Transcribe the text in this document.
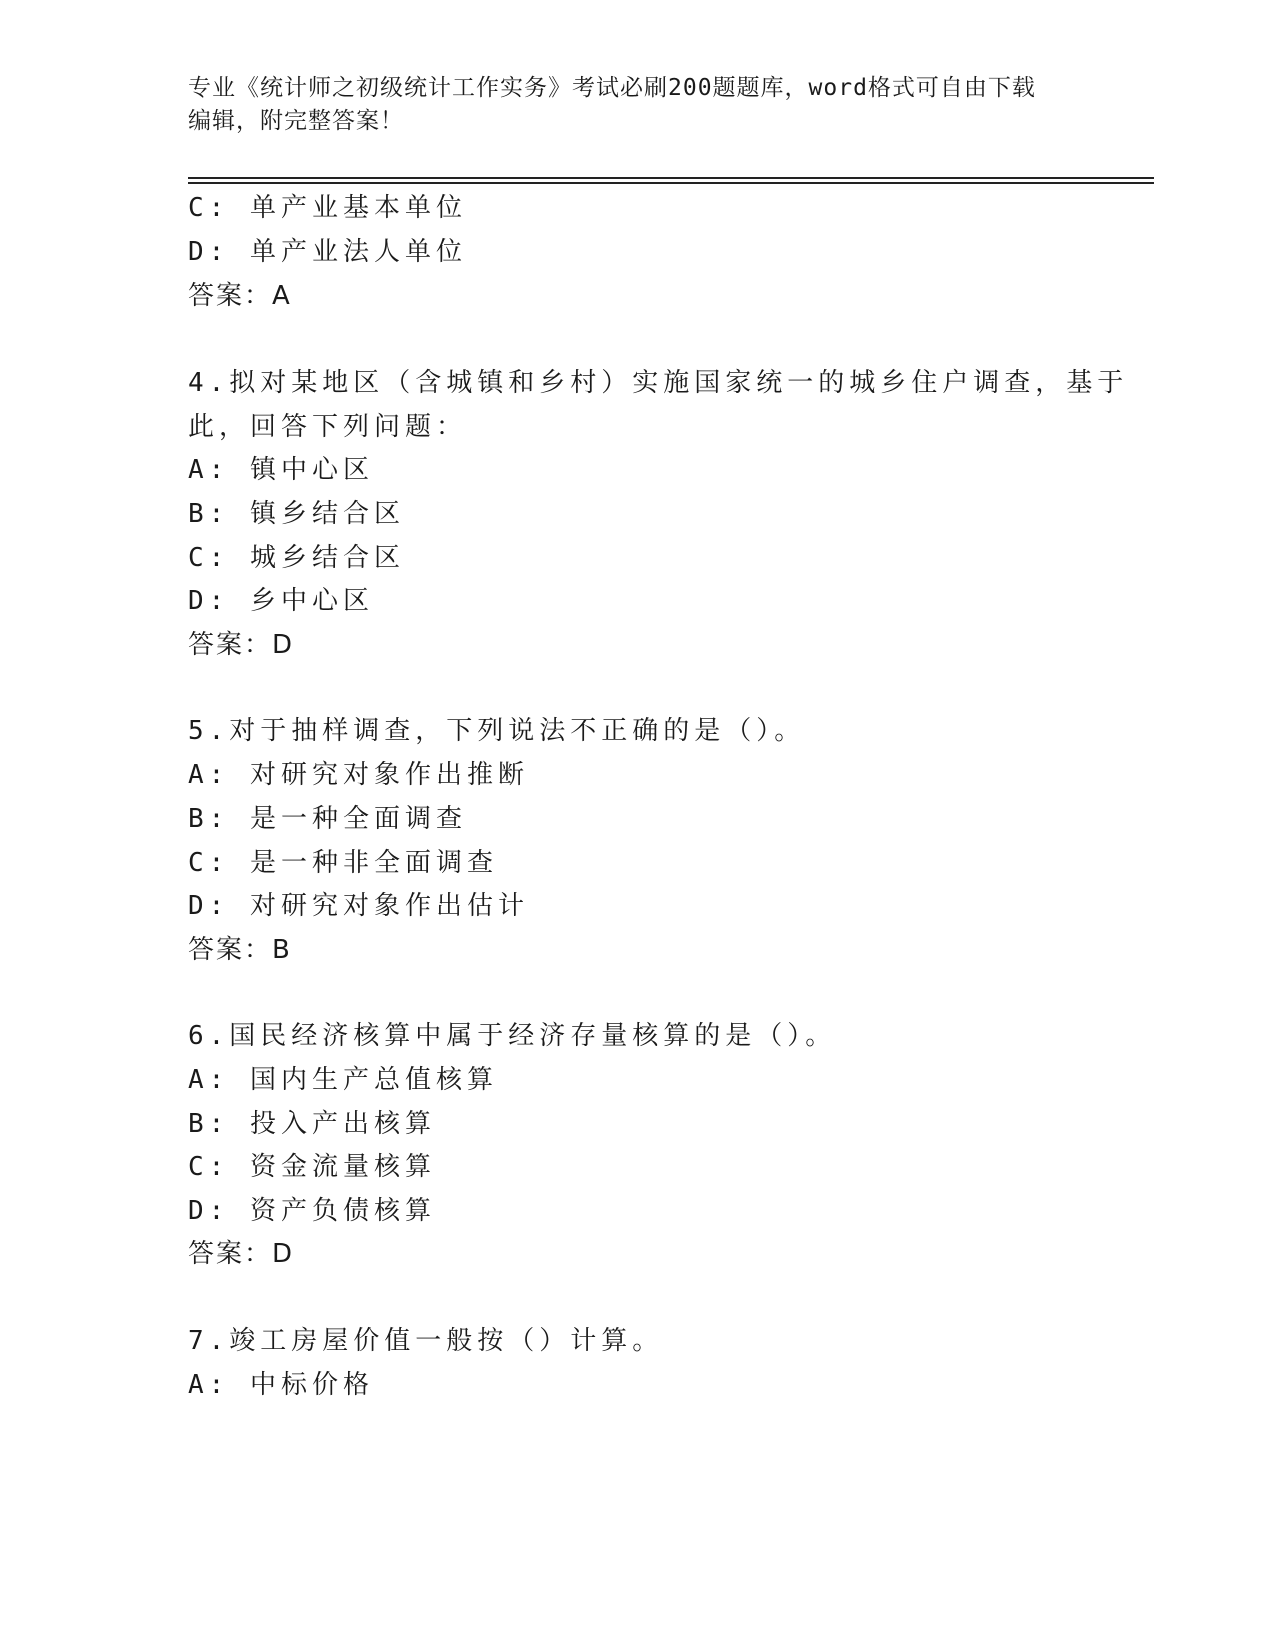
专业《统计师之初级统计工作实务》考试必刷200题题库，word格式可自由下载
编辑，附完整答案！
C: 单产业基本单位
D: 单产业法人单位
答案：A
4.拟对某地区（含城镇和乡村）实施国家统一的城乡住户调查，基于
此，回答下列问题：
A: 镇中心区
B: 镇乡结合区
C: 城乡结合区
D: 乡中心区
答案：D
5.对于抽样调查，下列说法不正确的是（）。
A: 对研究对象作出推断
B: 是一种全面调查
C: 是一种非全面调查
D: 对研究对象作出估计
答案：B
6.国民经济核算中属于经济存量核算的是（）。
A: 国内生产总值核算
B: 投入产出核算
C: 资金流量核算
D: 资产负债核算
答案：D
7.竣工房屋价值一般按（）计算。
A: 中标价格
